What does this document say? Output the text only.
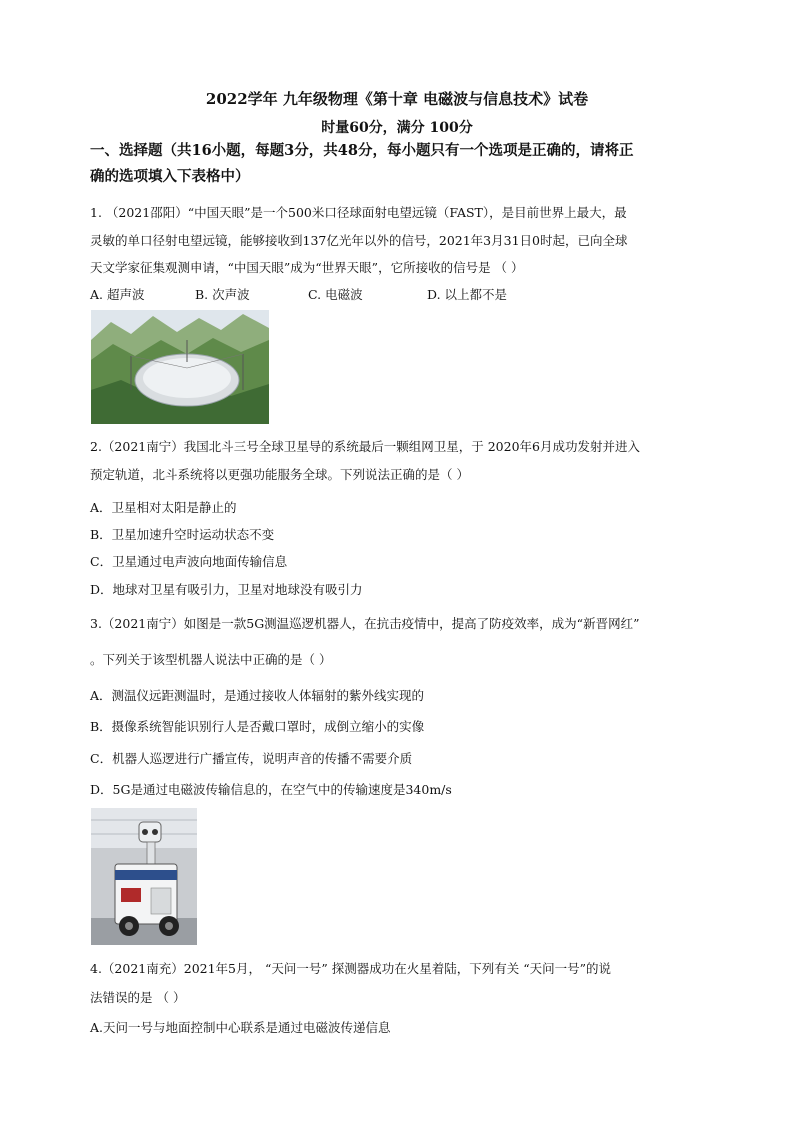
2022学年 九年级物理《第十章 电磁波与信息技术》试卷
时量60分，满分 100分
一、选择题（共16小题，每题3分，共48分，每小题只有一个选项是正确的，请将正
确的选项填入下表格中）
1. （2021邵阳）“中国天眼”是一个500米口径球面射电望远镜（FAST），是目前世界上最大，最
灵敏的单口径射电望远镜，能够接收到137亿光年以外的信号，2021年3月31日0时起，已向全球
天文学家征集观测申请，“中国天眼”成为“世界天眼”，它所接收的信号是 （ ）
A. 超声波	B. 次声波	C. 电磁波	D. 以上都不是
2.（2021南宁）我国北斗三号全球卫星导的系统最后一颗组网卫星，于 2020年6月成功发射并进入
预定轨道，北斗系统将以更强功能服务全球。下列说法正确的是（ ）
A．卫星相对太阳是静止的
B．卫星加速升空时运动状态不变
C．卫星通过电声波向地面传输信息
D．地球对卫星有吸引力，卫星对地球没有吸引力
3.（2021南宁）如图是一款5G测温巡逻机器人，在抗击疫情中，提高了防疫效率，成为“新晋网红”
。下列关于该型机器人说法中正确的是（ ）
A．测温仪远距测温时，是通过接收人体辐射的紫外线实现的
B．摄像系统智能识别行人是否戴口罩时，成倒立缩小的实像
C．机器人巡逻进行广播宣传，说明声音的传播不需要介质
D．5G是通过电磁波传输信息的，在空气中的传输速度是340m/s
4.（2021南充）2021年5月， “天问一号” 探测器成功在火星着陆，下列有关 “天问一号”的说
法错误的是 （ ）
A.天问一号与地面控制中心联系是通过电磁波传递信息
